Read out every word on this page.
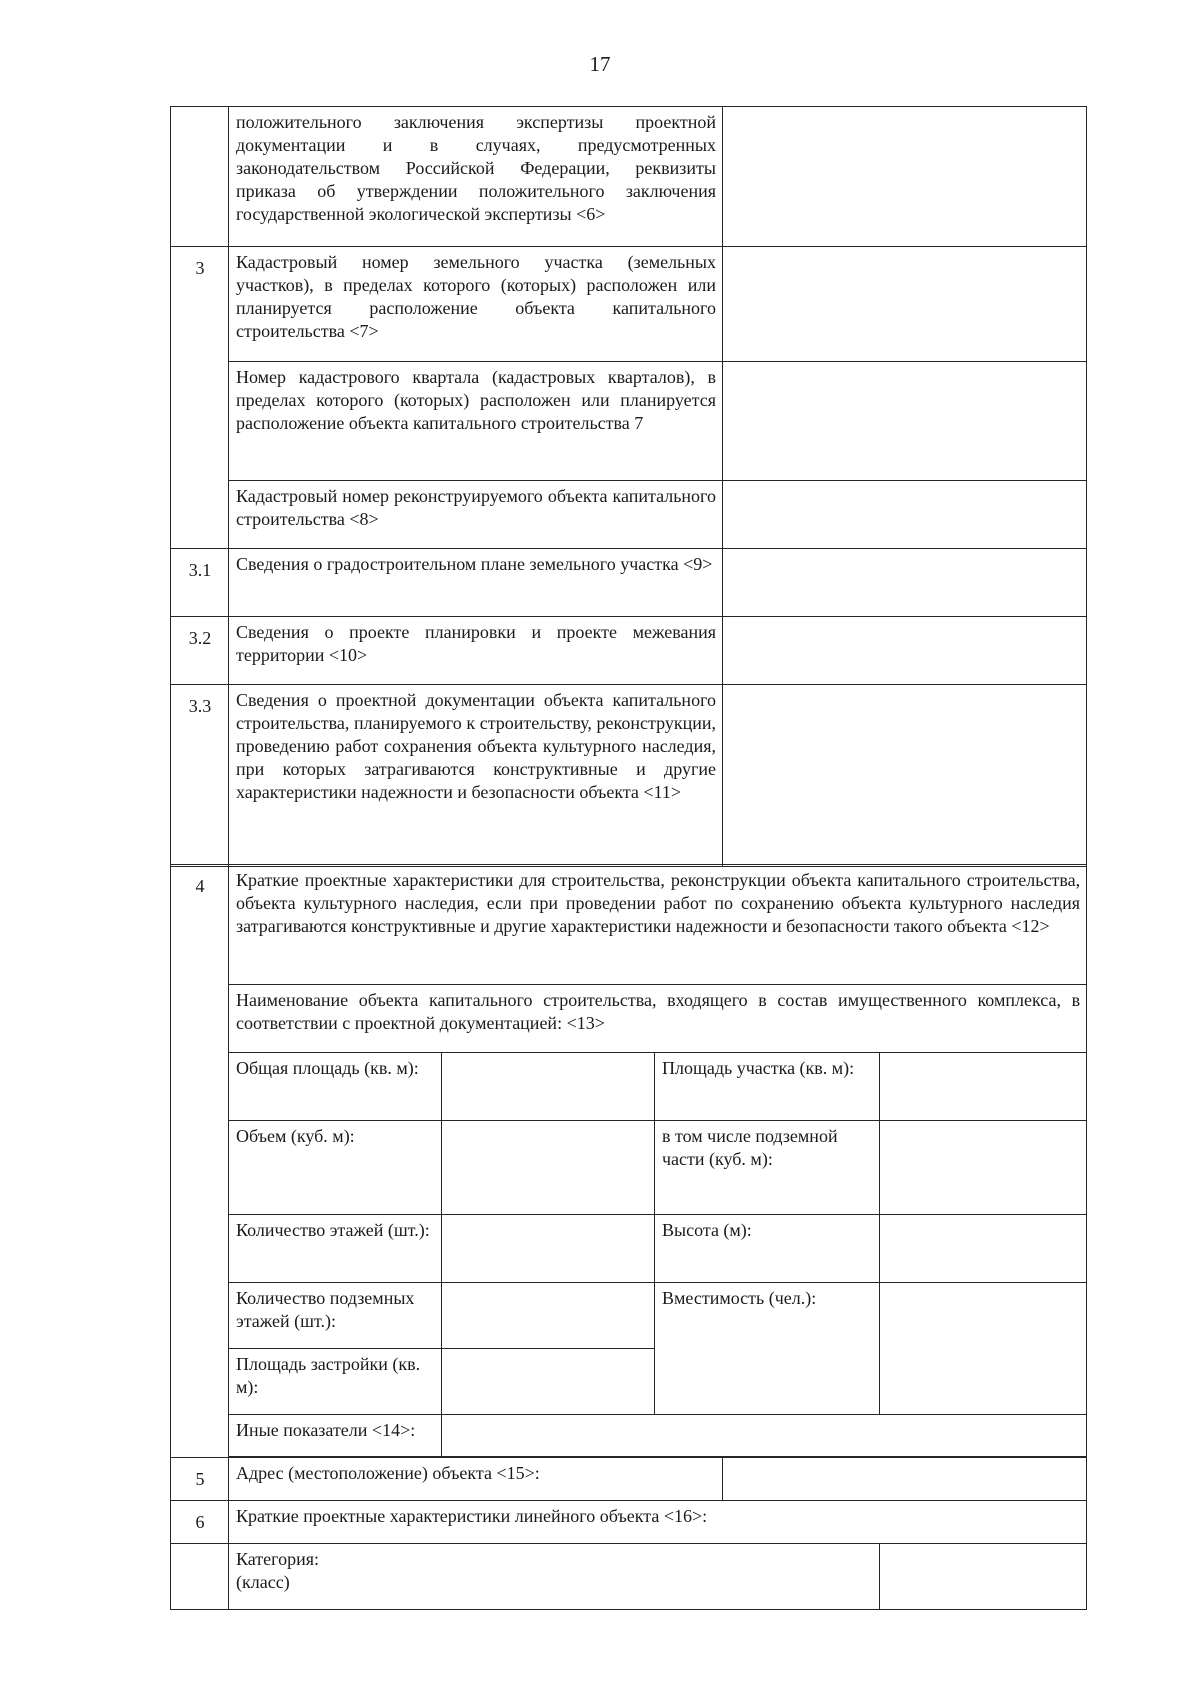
17
	положительного заключения экспертизы проектной документации и в случаях, предусмотренных законодательством Российской Федерации, реквизиты приказа об утверждении положительного заключения государственной экологической экспертизы <6>	
3	Кадастровый номер земельного участка (земельных участков), в пределах которого (которых) расположен или планируется расположение объекта капитального строительства <7>	
	Номер кадастрового квартала (кадастровых кварталов), в пределах которого (которых) расположен или планируется расположение объекта капитального строительства 7	
	Кадастровый номер реконструируемого объекта капитального строительства <8>	
3.1	Сведения о градостроительном плане земельного участка <9>	
3.2	Сведения о проекте планировки и проекте межевания территории <10>	
3.3	Сведения о проектной документации объекта капитального строительства, планируемого к строительству, реконструкции, проведению работ сохранения объекта культурного наследия, при которых затрагиваются конструктивные и другие характеристики надежности и безопасности объекта <11>	
4	Краткие проектные характеристики для строительства, реконструкции объекта капитального строительства, объекта культурного наследия, если при проведении работ по сохранению объекта культурного наследия затрагиваются конструктивные и другие характеристики надежности и безопасности такого объекта <12>				
	Наименование объекта капитального строительства, входящего в состав имущественного комплекса, в соответствии с проектной документацией: <13>				
	Общая площадь (кв. м):		Площадь участка (кв. м):		
	Объем (куб. м):		в том числе подземной части (куб. м):		
	Количество этажей (шт.):		Высота (м):		
	Количество подземных этажей (шт.):		Вместимость (чел.):		
	Площадь застройки (кв. м):				
	Иные показатели <14>:				

5	Адрес (местоположение) объекта <15>:				
6	Краткие проектные характеристики линейного объекта <16>:				

	Категория: (класс)				
